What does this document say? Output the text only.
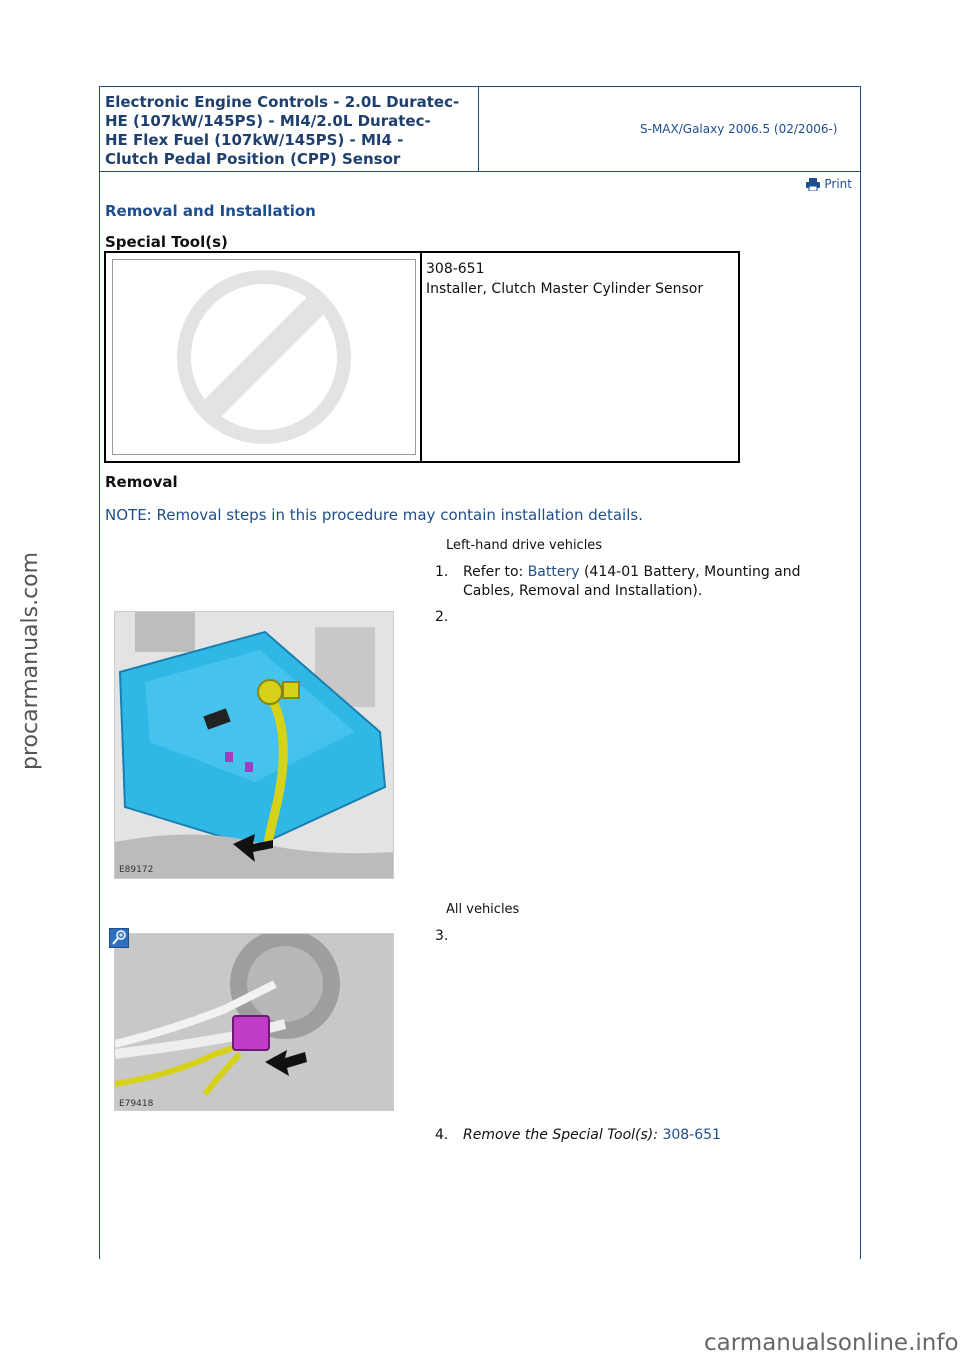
Electronic Engine Controls - 2.0L Duratec-
HE (107kW/145PS) - MI4/2.0L Duratec-
HE Flex Fuel (107kW/145PS) - MI4 -
Clutch Pedal Position (CPP) Sensor
S-MAX/Galaxy 2006.5 (02/2006-)
Print
Removal and Installation
Special Tool(s)
308-651
Installer, Clutch Master Cylinder Sensor
Removal
NOTE: Removal steps in this procedure may contain installation details.
Left-hand drive vehicles
1. Refer to: Battery (414-01 Battery, Mounting and
Cables, Removal and Installation).
2.
E89172
All vehicles
3.
E79418
4. Remove the Special Tool(s): 308-651
procarmanuals.com
carmanualsonline.info
